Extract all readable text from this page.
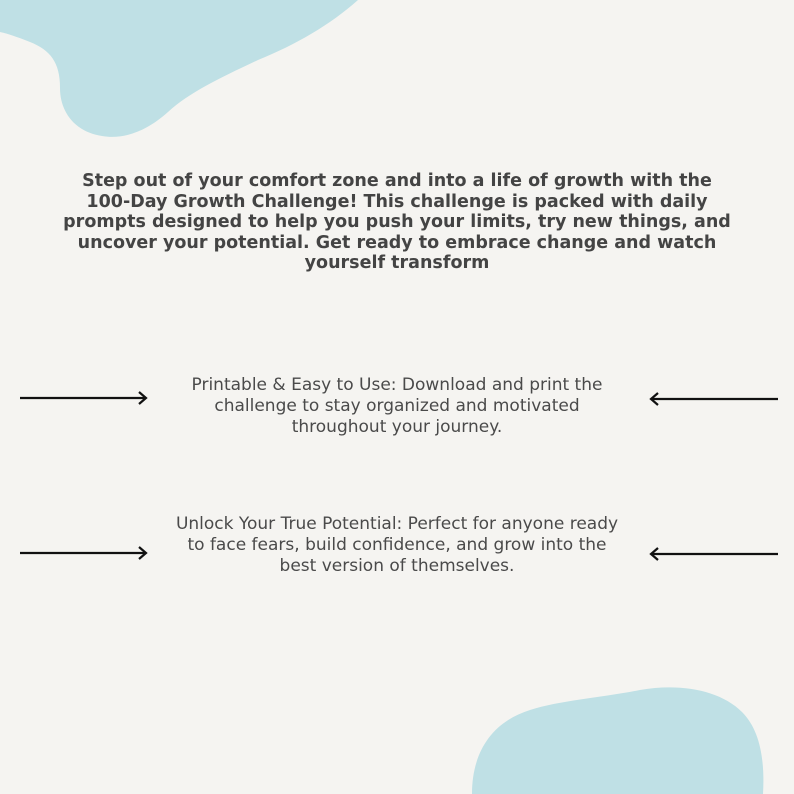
Step out of your comfort zone and into a life of growth with the 100-Day Growth Challenge! This challenge is packed with daily prompts designed to help you push your limits, try new things, and uncover your potential. Get ready to embrace change and watch yourself transform

Printable & Easy to Use: Download and print the challenge to stay organized and motivated throughout your journey.

Unlock Your True Potential: Perfect for anyone ready to face fears, build confidence, and grow into the best version of themselves.
